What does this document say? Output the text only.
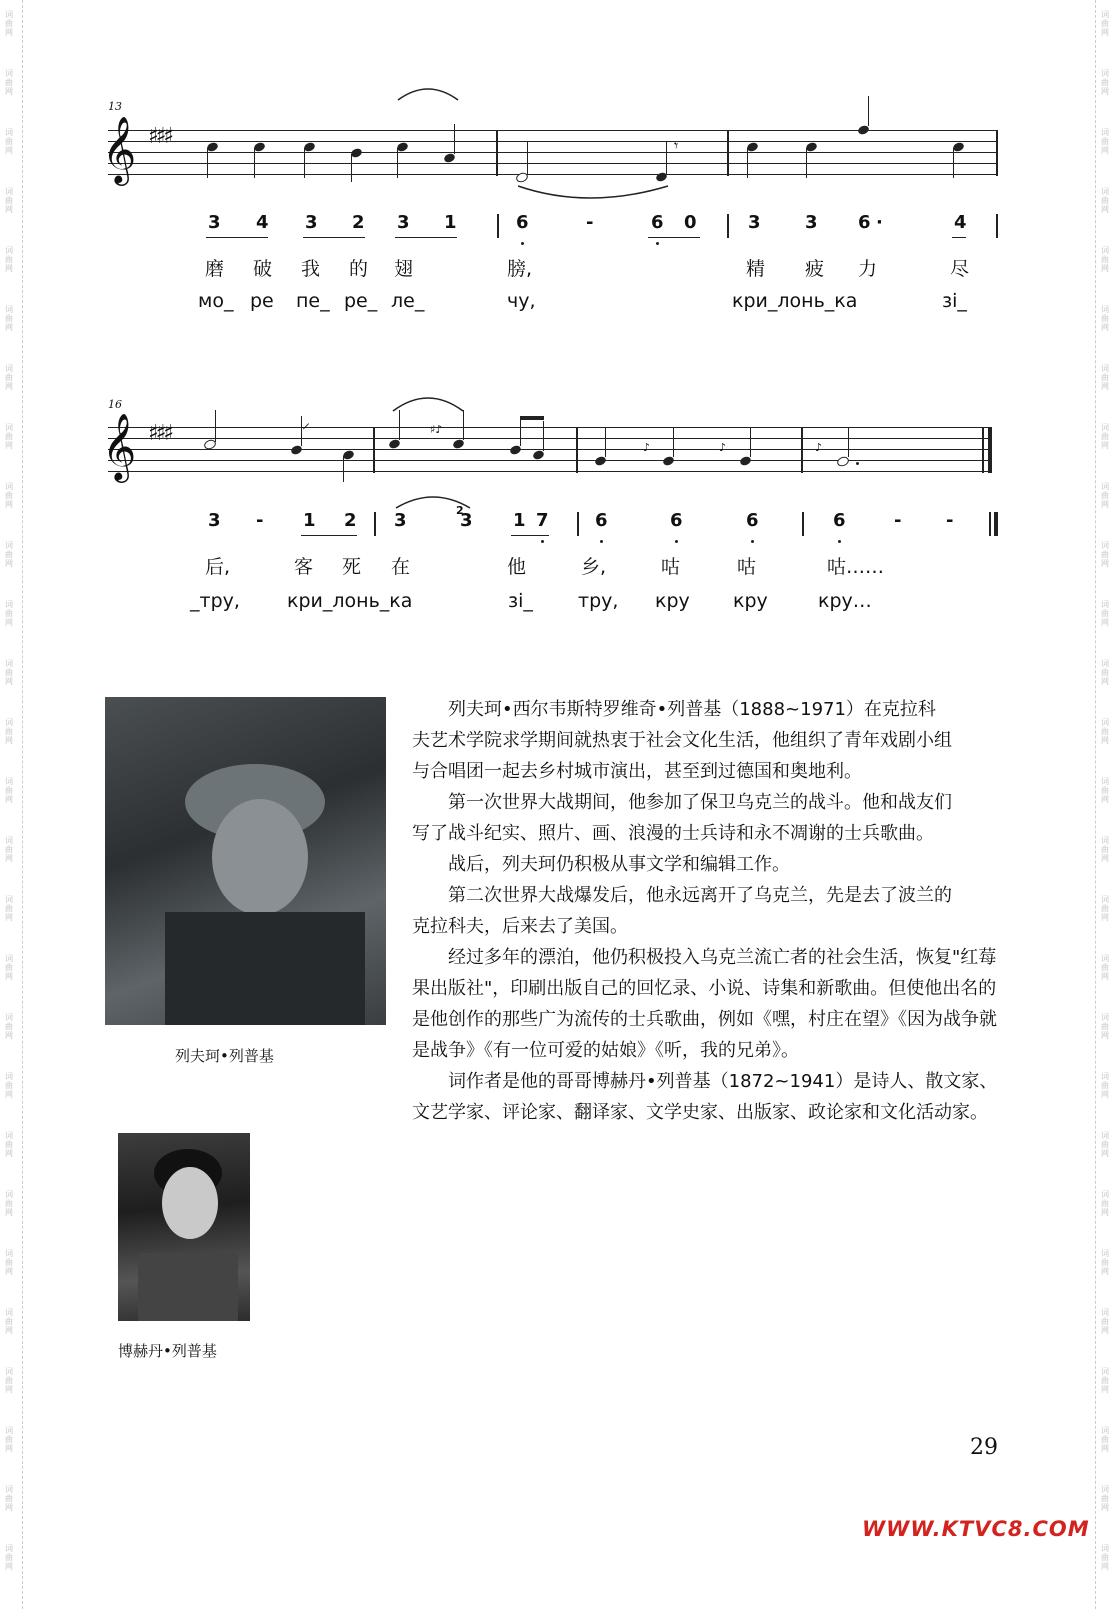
词
曲
网
词
曲
网
词
曲
网
词
曲
网
词
曲
网
词
曲
网
词
曲
网
词
曲
网
词
曲
网
词
曲
网
词
曲
网
词
曲
网
词
曲
网
词
曲
网
词
曲
网
词
曲
网
词
曲
网
词
曲
网
词
曲
网
词
曲
网
词
曲
网
词
曲
网
词
曲
网
词
曲
网
词
曲
网
词
曲
网
词
曲
网
词
曲
网
词
曲
网
词
曲
网
词
曲
网
词
曲
网
词
曲
网
词
曲
网
词
曲
网
词
曲
网
词
曲
网
词
曲
网
词
曲
网
词
曲
网
词
曲
网
词
曲
网
词
曲
网
词
曲
网
词
曲
网
词
曲
网
词
曲
网
词
曲
网
词
曲
网
词
曲
网
词
曲
网
词
曲
网
词
曲
网
词
曲
网
13
𝄞 ♯♯♯	𝄾
3 4 3 2 3 1	6	-	6 0	3 3 6 ·	4
磨 破 我 的 翅	膀,	精 疲 力	尽
мо_ ре пе_ ре_ ле_	чу,	кри_лонь_ка	зі_
16
𝄞 ♯♯♯	⸝	♯♪
♪	♪	♪
3 - 1 2 3	2
3 1 7	6	6	6	6	- -
后,	客 死 在	他	乡,	咕	咕	咕……
_тру, кри_лонь_ка	зі_ тру, кру кру	кру…
列夫珂•列普基
博赫丹•列普基

列夫珂•西尔韦斯特罗维奇•列普基（1888~1971）在克拉科夫艺术学院求学期间就热衷于社会文化生活，他组织了青年戏剧小组与合唱团一起去乡村城市演出，甚至到过德国和奥地利。

第一次世界大战期间，他参加了保卫乌克兰的战斗。他和战友们写了战斗纪实、照片、画、浪漫的士兵诗和永不凋谢的士兵歌曲。

战后，列夫珂仍积极从事文学和编辑工作。

第二次世界大战爆发后，他永远离开了乌克兰，先是去了波兰的克拉科夫，后来去了美国。

经过多年的漂泊，他仍积极投入乌克兰流亡者的社会生活，恢复"红莓果出版社"，印刷出版自己的回忆录、小说、诗集和新歌曲。但使他出名的是他创作的那些广为流传的士兵歌曲，例如《嘿，村庄在望》《因为战争就是战争》《有一位可爱的姑娘》《听，我的兄弟》。

词作者是他的哥哥博赫丹•列普基（1872~1941）是诗人、散文家、文艺学家、评论家、翻译家、文学史家、出版家、政论家和文化活动家。

29
WWW.KTVC8.COM
